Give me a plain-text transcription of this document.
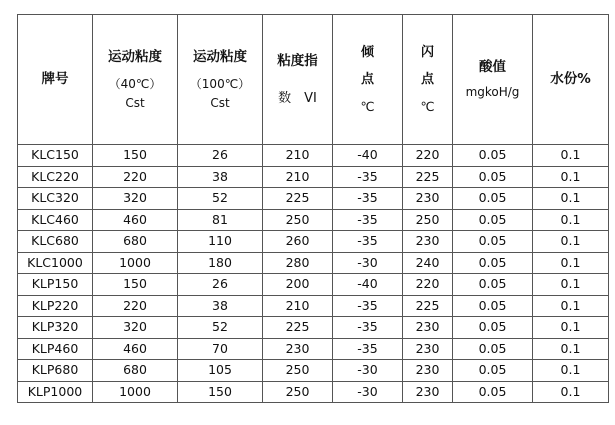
牌号	运动粘度
（40℃）
Cst	运动粘度
（100℃）
Cst	粘度指
数　VI	倾
点
℃	闪
点
℃	酸值
mgkoH/g	水份%

KLC150	150	26	210	-40	220	0.05	0.1
KLC220	220	38	210	-35	225	0.05	0.1
KLC320	320	52	225	-35	230	0.05	0.1
KLC460	460	81	250	-35	250	0.05	0.1
KLC680	680	110	260	-35	230	0.05	0.1
KLC1000	1000	180	280	-30	240	0.05	0.1
KLP150	150	26	200	-40	220	0.05	0.1
KLP220	220	38	210	-35	225	0.05	0.1
KLP320	320	52	225	-35	230	0.05	0.1
KLP460	460	70	230	-35	230	0.05	0.1
KLP680	680	105	250	-30	230	0.05	0.1
KLP1000	1000	150	250	-30	230	0.05	0.1
